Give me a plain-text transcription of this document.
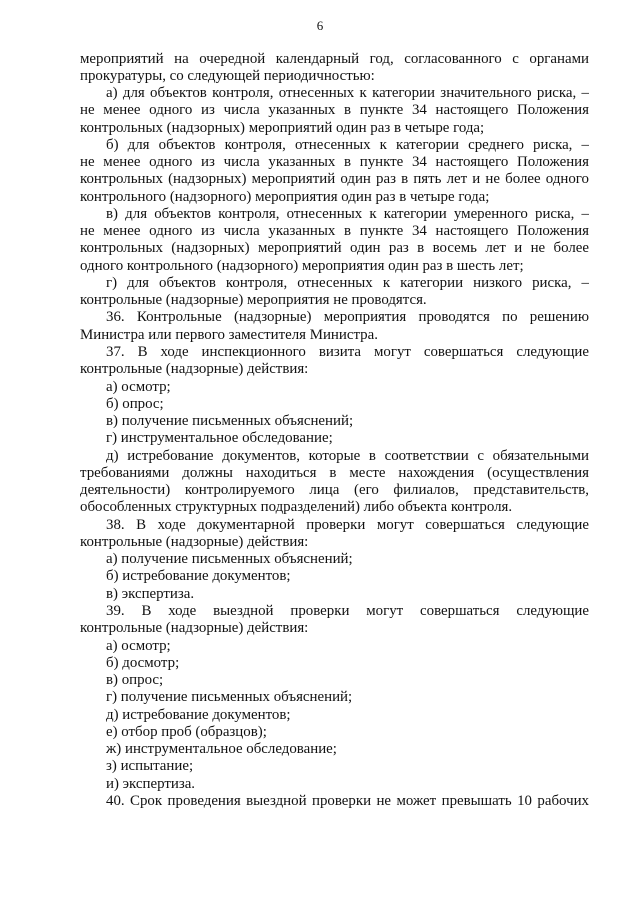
6
мероприятий на очередной календарный год, согласованного с органами
прокуратуры, со следующей периодичностью:
а) для объектов контроля, отнесенных к категории значительного риска, –
не менее одного из числа указанных в пункте 34 настоящего Положения
контрольных (надзорных) мероприятий один раз в четыре года;
б) для объектов контроля, отнесенных к категории среднего риска, –
не менее одного из числа указанных в пункте 34 настоящего Положения
контрольных (надзорных) мероприятий один раз в пять лет и не более одного
контрольного (надзорного) мероприятия один раз в четыре года;
в) для объектов контроля, отнесенных к категории умеренного риска, –
не менее одного из числа указанных в пункте 34 настоящего Положения
контрольных (надзорных) мероприятий один раз в восемь лет и не более
одного контрольного (надзорного) мероприятия один раз в шесть лет;
г) для объектов контроля, отнесенных к категории низкого риска, –
контрольные (надзорные) мероприятия не проводятся.
36. Контрольные (надзорные) мероприятия проводятся по решению
Министра или первого заместителя Министра.
37. В ходе инспекционного визита могут совершаться следующие
контрольные (надзорные) действия:
а) осмотр;
б) опрос;
в) получение письменных объяснений;
г) инструментальное обследование;
д) истребование документов, которые в соответствии с обязательными
требованиями должны находиться в месте нахождения (осуществления
деятельности) контролируемого лица (его филиалов, представительств,
обособленных структурных подразделений) либо объекта контроля.
38. В ходе документарной проверки могут совершаться следующие
контрольные (надзорные) действия:
а) получение письменных объяснений;
б) истребование документов;
в) экспертиза.
39. В ходе выездной проверки могут совершаться следующие
контрольные (надзорные) действия:
а) осмотр;
б) досмотр;
в) опрос;
г) получение письменных объяснений;
д) истребование документов;
е) отбор проб (образцов);
ж) инструментальное обследование;
з) испытание;
и) экспертиза.
40. Срок проведения выездной проверки не может превышать 10 рабочих
